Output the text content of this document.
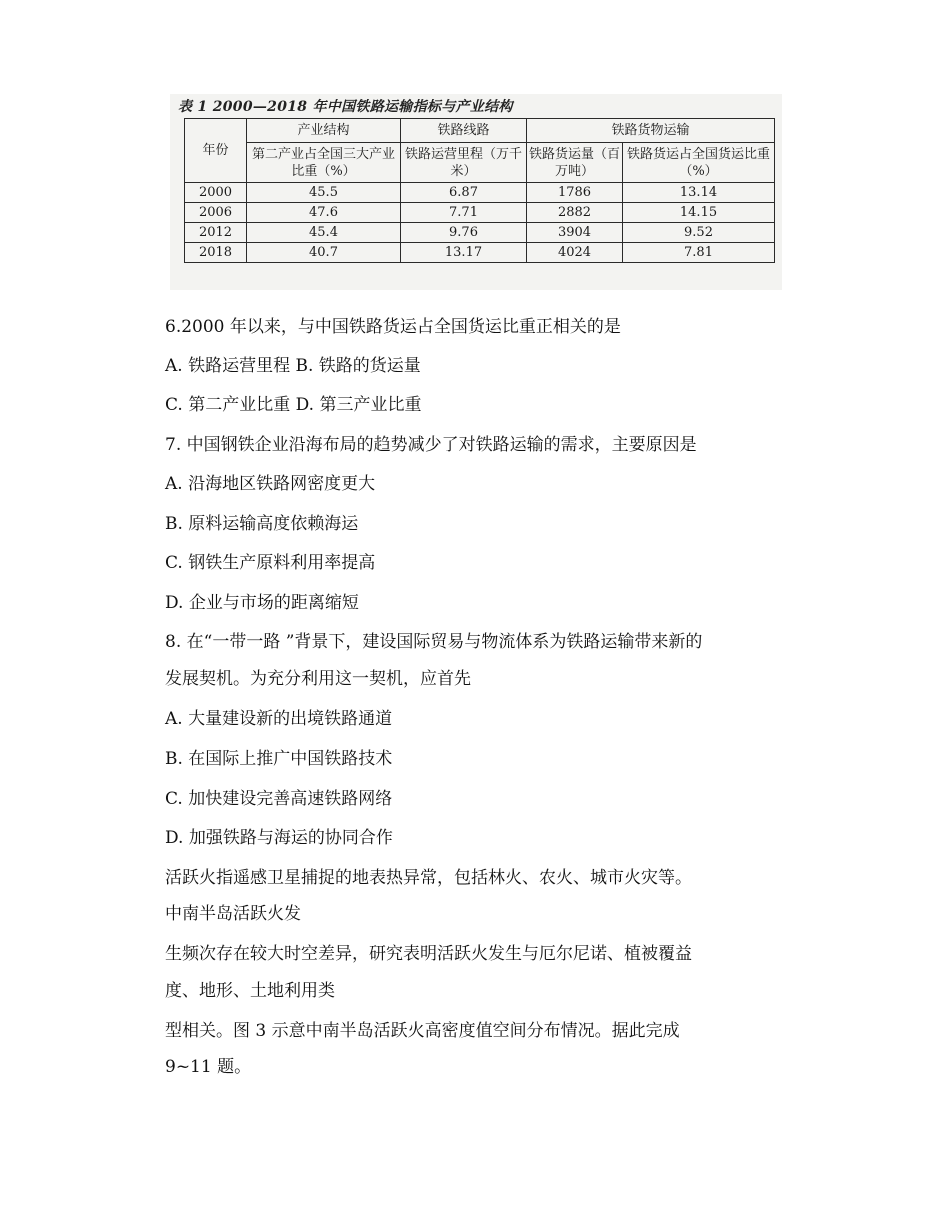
表 1 2000—2018 年中国铁路运输指标与产业结构
年份	产业结构	铁路线路	铁路货物运输	
	第二产业占全国三大产业比重（%）	铁路运营里程（万千米）	铁路货运量（百万吨）	铁路货运占全国货运比重（%）
2000	45.5	6.87	1786	13.14
2006	47.6	7.71	2882	14.15
2012	45.4	9.76	3904	9.52
2018	40.7	13.17	4024	7.81
6.2000 年以来，与中国铁路货运占全国货运比重正相关的是
A. 铁路运营里程 B. 铁路的货运量
C. 第二产业比重 D. 第三产业比重
7. 中国钢铁企业沿海布局的趋势减少了对铁路运输的需求，主要原因是
A. 沿海地区铁路网密度更大
B. 原料运输高度依赖海运
C. 钢铁生产原料利用率提高
D. 企业与市场的距离缩短
8. 在“一带一路 ”背景下，建设国际贸易与物流体系为铁路运输带来新的
发展契机。为充分利用这一契机，应首先
A. 大量建设新的出境铁路通道
B. 在国际上推广中国铁路技术
C. 加快建设完善高速铁路网络
D. 加强铁路与海运的协同合作
活跃火指遥感卫星捕捉的地表热异常，包括林火、农火、城市火灾等。
中南半岛活跃火发
生频次存在较大时空差异，研究表明活跃火发生与厄尔尼诺、植被覆益
度、地形、土地利用类
型相关。图 3 示意中南半岛活跃火高密度值空间分布情况。据此完成
9~11 题。
